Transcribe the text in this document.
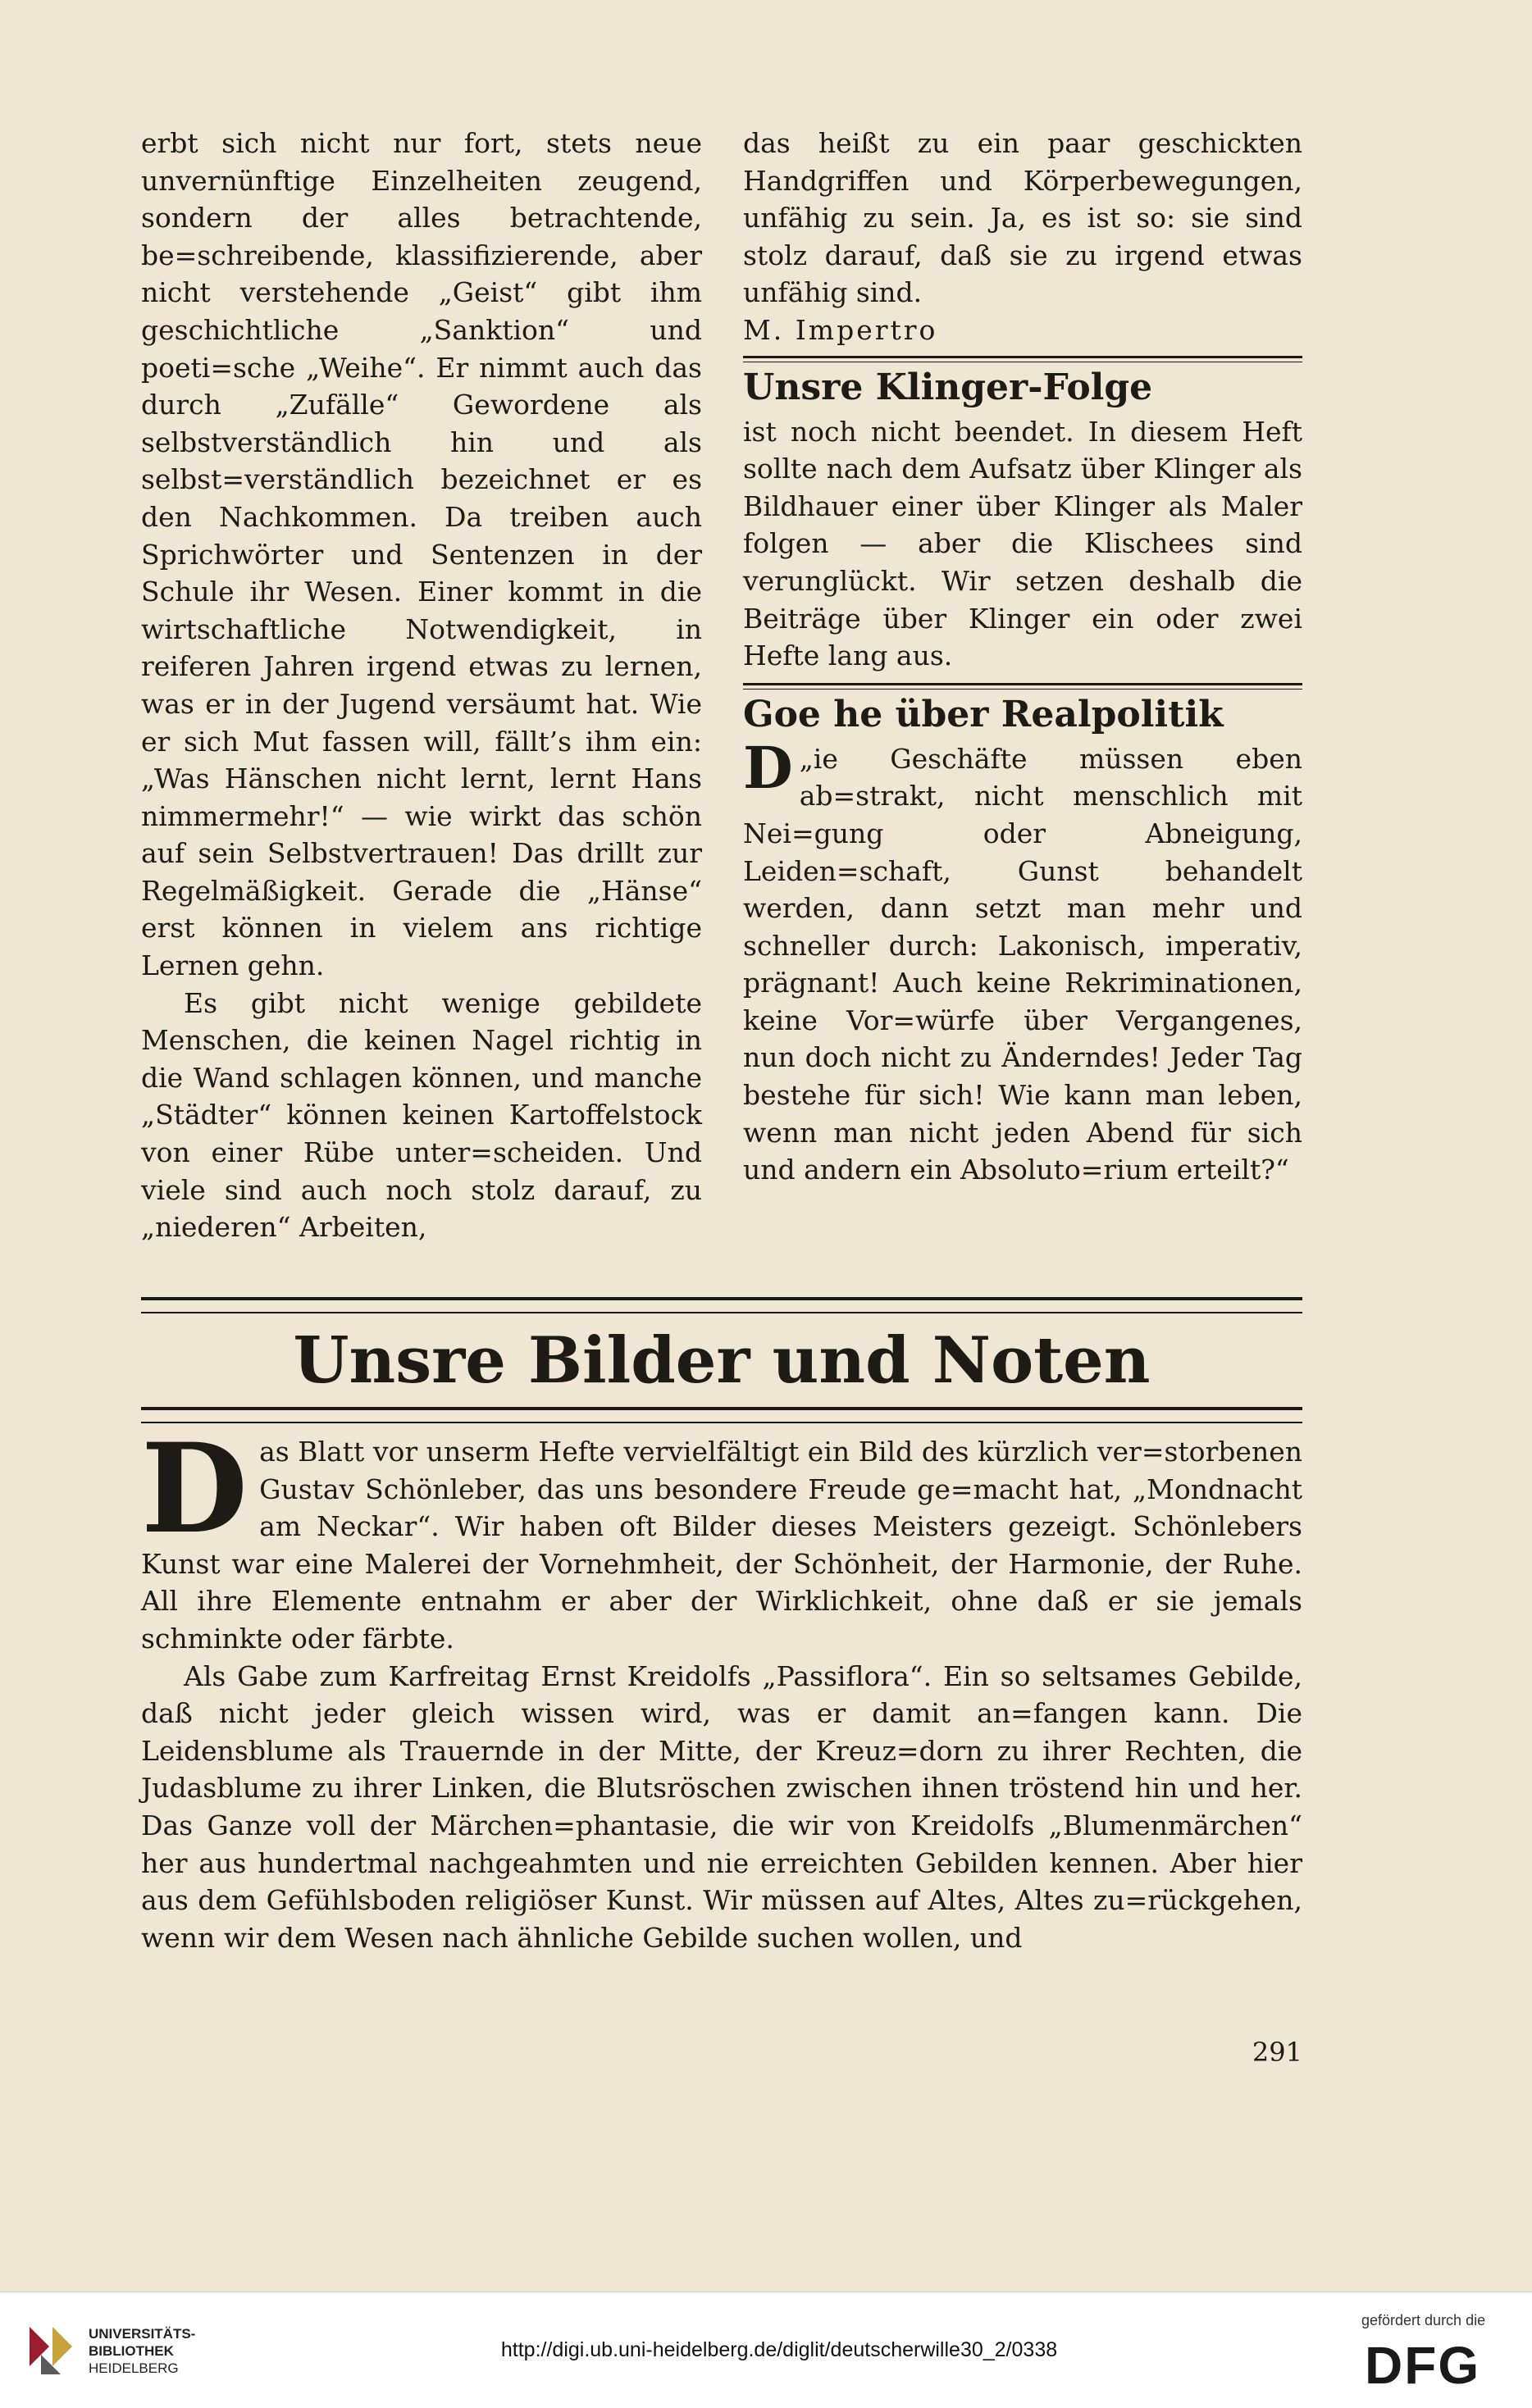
erbt sich nicht nur fort, stets neue unvernünftige Einzelheiten zeugend, sondern der alles betrachtende, be=schreibende, klassifizierende, aber nicht verstehende „Geist“ gibt ihm geschichtliche „Sanktion“ und poeti=sche „Weihe“. Er nimmt auch das durch „Zufälle“ Gewordene als selbstverständlich hin und als selbst=verständlich bezeichnet er es den Nachkommen. Da treiben auch Sprichwörter und Sentenzen in der Schule ihr Wesen. Einer kommt in die wirtschaftliche Notwendigkeit, in reiferen Jahren irgend etwas zu lernen, was er in der Jugend versäumt hat. Wie er sich Mut fassen will, fällt’s ihm ein: „Was Hänschen nicht lernt, lernt Hans nimmermehr!“ — wie wirkt das schön auf sein Selbstvertrauen! Das drillt zur Regelmäßigkeit. Gerade die „Hänse“ erst können in vielem ans richtige Lernen gehn.

Es gibt nicht wenige gebildete Menschen, die keinen Nagel richtig in die Wand schlagen können, und manche „Städter“ können keinen Kartoffelstock von einer Rübe unter=scheiden. Und viele sind auch noch stolz darauf, zu „niederen“ Arbeiten,

das heißt zu ein paar geschickten Handgriffen und Körperbewegungen, unfähig zu sein. Ja, es ist so: sie sind stolz darauf, daß sie zu irgend etwas unfähig sind.

M. Impertro

Unsre Klinger-Folge

ist noch nicht beendet. In diesem Heft sollte nach dem Aufsatz über Klinger als Bildhauer einer über Klinger als Maler folgen — aber die Klischees sind verunglückt. Wir setzen deshalb die Beiträge über Klinger ein oder zwei Hefte lang aus.

Goe he über Realpolitik

D „ie Geschäfte müssen eben ab=strakt, nicht menschlich mit Nei=gung oder Abneigung, Leiden=schaft, Gunst behandelt werden, dann setzt man mehr und schneller durch: Lakonisch, imperativ, prägnant! Auch keine Rekriminationen, keine Vor=würfe über Vergangenes, nun doch nicht zu Änderndes! Jeder Tag bestehe für sich! Wie kann man leben, wenn man nicht jeden Abend für sich und andern ein Absoluto=rium erteilt?“

Unsre Bilder und Noten

Das Blatt vor unserm Hefte vervielfältigt ein Bild des kürzlich ver=storbenen Gustav Schönleber, das uns besondere Freude ge=macht hat, „Mondnacht am Neckar“. Wir haben oft Bilder dieses Meisters gezeigt. Schönlebers Kunst war eine Malerei der Vornehmheit, der Schönheit, der Harmonie, der Ruhe. All ihre Elemente entnahm er aber der Wirklichkeit, ohne daß er sie jemals schminkte oder färbte.

Als Gabe zum Karfreitag Ernst Kreidolfs „Passiflora“. Ein so seltsames Gebilde, daß nicht jeder gleich wissen wird, was er damit an=fangen kann. Die Leidensblume als Trauernde in der Mitte, der Kreuz=dorn zu ihrer Rechten, die Judasblume zu ihrer Linken, die Blutsröschen zwischen ihnen tröstend hin und her. Das Ganze voll der Märchen=phantasie, die wir von Kreidolfs „Blumenmärchen“ her aus hundertmal nachgeahmten und nie erreichten Gebilden kennen. Aber hier aus dem Gefühlsboden religiöser Kunst. Wir müssen auf Altes, Altes zu=rückgehen, wenn wir dem Wesen nach ähnliche Gebilde suchen wollen, und

291
UNIVERSITÄTS-
BIBLIOTHEK
HEIDELBERG
http://digi.ub.uni-heidelberg.de/diglit/deutscherwille30_2/0338
gefördert durch die
DFG
